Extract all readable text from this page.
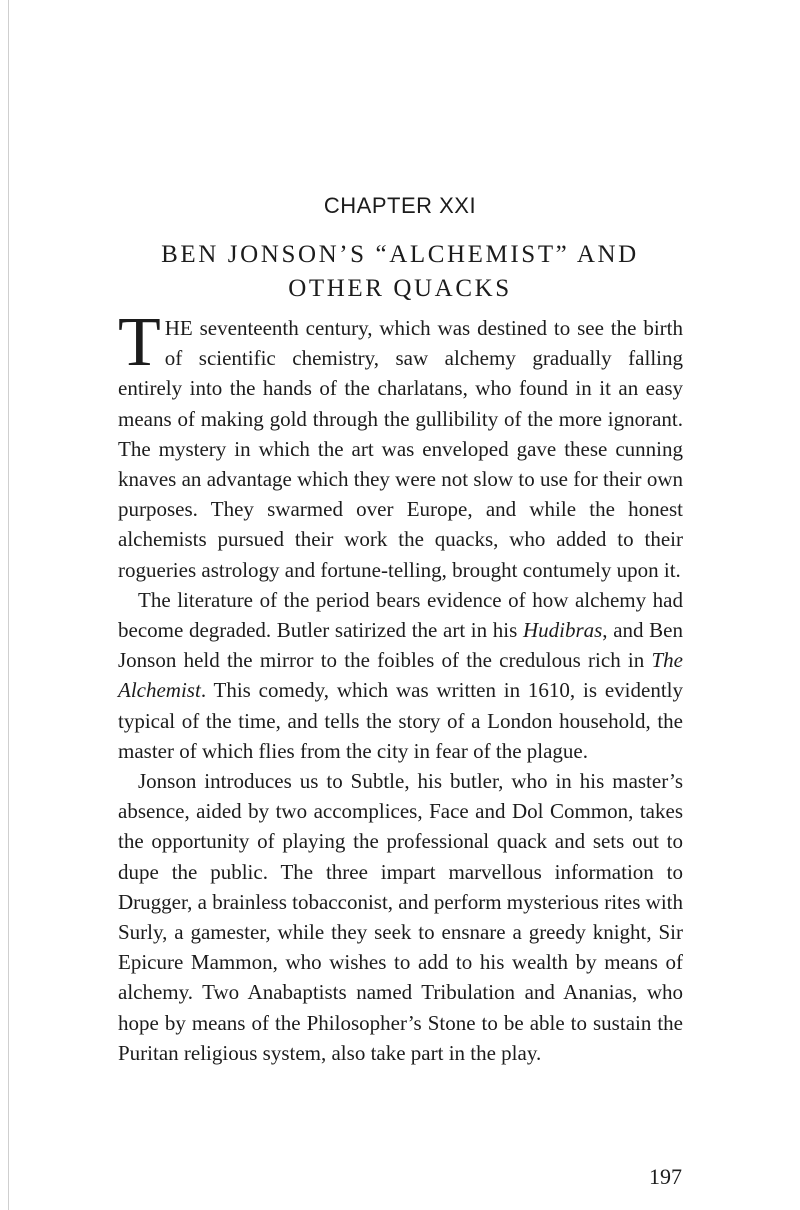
CHAPTER XXI
BEN JONSON’S “ALCHEMIST” AND
OTHER QUACKS

THE seventeenth century, which was destined to see the birth of scientific chemistry, saw alchemy gradually falling entirely into the hands of the charlatans, who found in it an easy means of making gold through the gullibility of the more ignorant. The mystery in which the art was enveloped gave these cunning knaves an advantage which they were not slow to use for their own purposes. They swarmed over Europe, and while the honest alchemists pursued their work the quacks, who added to their rogueries astrology and fortune-telling, brought contumely upon it.

The literature of the period bears evidence of how alchemy had become degraded. Butler satirized the art in his Hudibras, and Ben Jonson held the mirror to the foibles of the credulous rich in The Alchemist. This comedy, which was written in 1610, is evidently typical of the time, and tells the story of a London household, the master of which flies from the city in fear of the plague.

Jonson introduces us to Subtle, his butler, who in his master’s absence, aided by two accomplices, Face and Dol Common, takes the opportunity of playing the professional quack and sets out to dupe the public. The three impart marvellous information to Drugger, a brainless tobacconist, and perform mysterious rites with Surly, a gamester, while they seek to ensnare a greedy knight, Sir Epicure Mammon, who wishes to add to his wealth by means of alchemy. Two Anabaptists named Tribulation and Ananias, who hope by means of the Philosopher’s Stone to be able to sustain the Puritan religious system, also take part in the play.

197
